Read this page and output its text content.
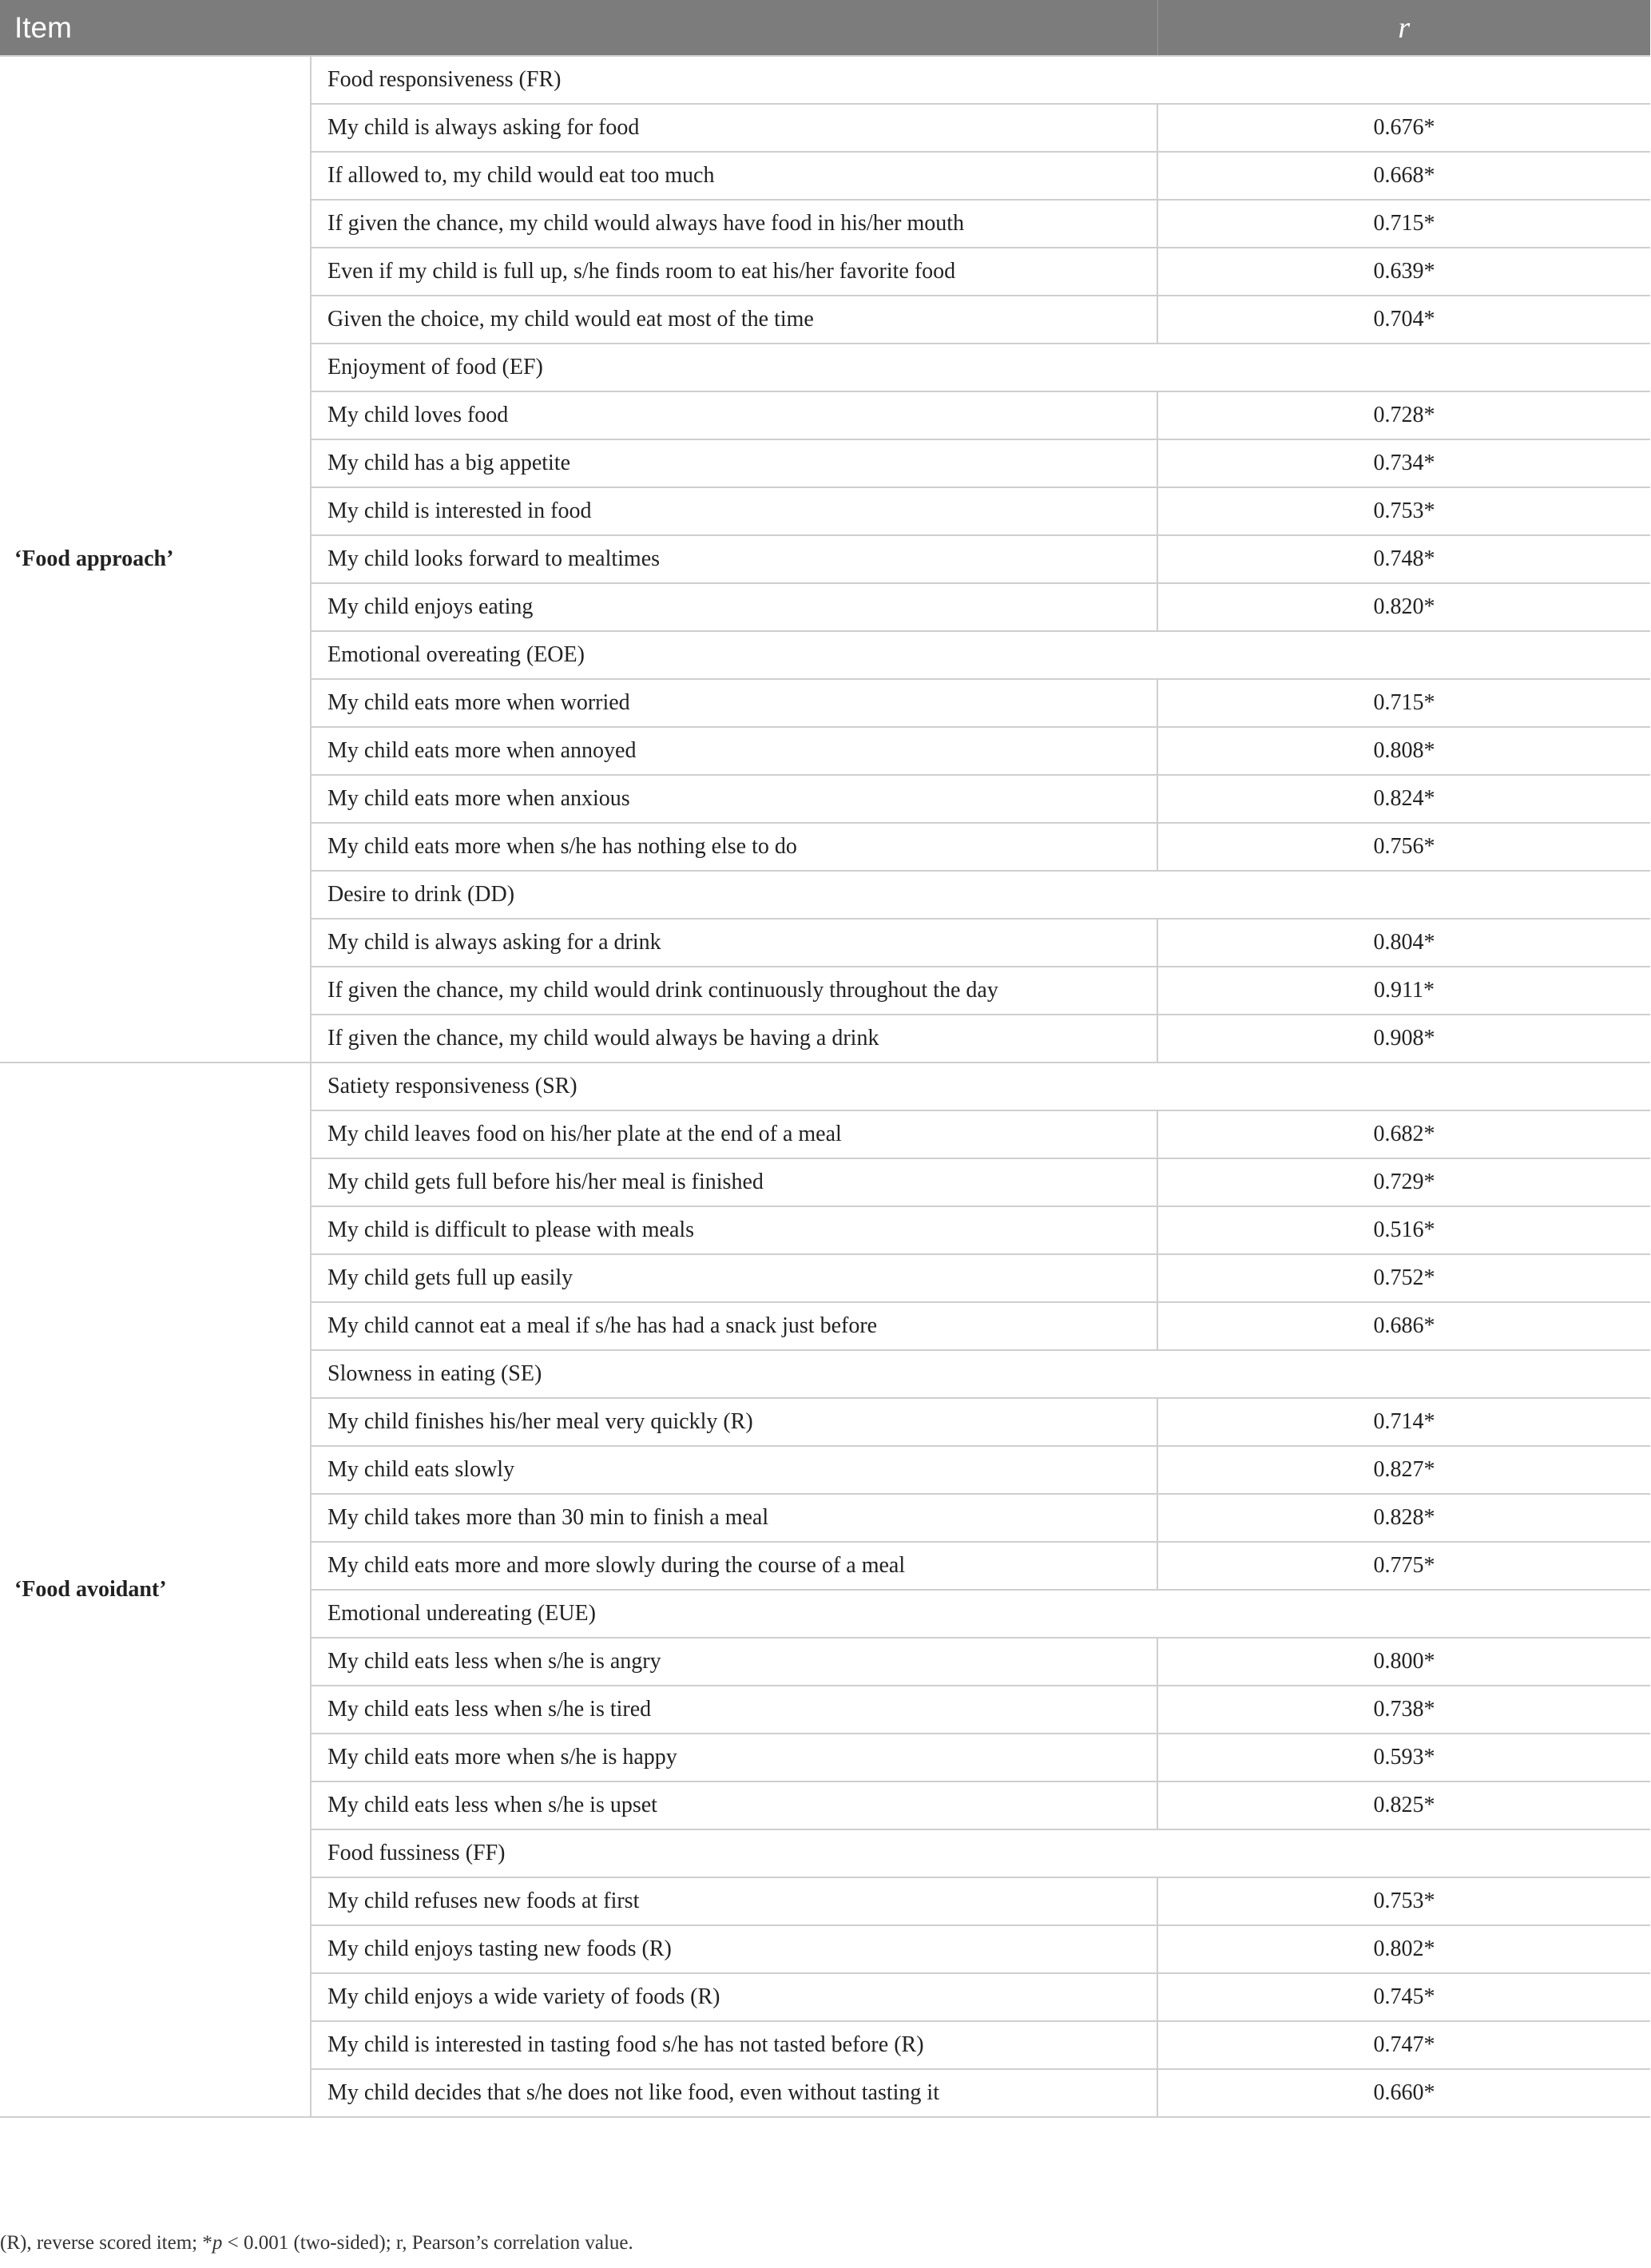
Item		r
‘Food approach’	Food responsiveness (FR)	
	My child is always asking for food	0.676*
	If allowed to, my child would eat too much	0.668*
	If given the chance, my child would always have food in his/her mouth	0.715*
	Even if my child is full up, s/he finds room to eat his/her favorite food	0.639*
	Given the choice, my child would eat most of the time	0.704*
	Enjoyment of food (EF)	
	My child loves food	0.728*
	My child has a big appetite	0.734*
	My child is interested in food	0.753*
	My child looks forward to mealtimes	0.748*
	My child enjoys eating	0.820*
	Emotional overeating (EOE)	
	My child eats more when worried	0.715*
	My child eats more when annoyed	0.808*
	My child eats more when anxious	0.824*
	My child eats more when s/he has nothing else to do	0.756*
	Desire to drink (DD)	
	My child is always asking for a drink	0.804*
	If given the chance, my child would drink continuously throughout the day	0.911*
	If given the chance, my child would always be having a drink	0.908*
‘Food avoidant’	Satiety responsiveness (SR)	
	My child leaves food on his/her plate at the end of a meal	0.682*
	My child gets full before his/her meal is finished	0.729*
	My child is difficult to please with meals	0.516*
	My child gets full up easily	0.752*
	My child cannot eat a meal if s/he has had a snack just before	0.686*
	Slowness in eating (SE)	
	My child finishes his/her meal very quickly (R)	0.714*
	My child eats slowly	0.827*
	My child takes more than 30 min to finish a meal	0.828*
	My child eats more and more slowly during the course of a meal	0.775*
	Emotional undereating (EUE)	
	My child eats less when s/he is angry	0.800*
	My child eats less when s/he is tired	0.738*
	My child eats more when s/he is happy	0.593*
	My child eats less when s/he is upset	0.825*
	Food fussiness (FF)	
	My child refuses new foods at first	0.753*
	My child enjoys tasting new foods (R)	0.802*
	My child enjoys a wide variety of foods (R)	0.745*
	My child is interested in tasting food s/he has not tasted before (R)	0.747*
	My child decides that s/he does not like food, even without tasting it	0.660*
(R), reverse scored item; *p < 0.001 (two-sided); r, Pearson’s correlation value.
